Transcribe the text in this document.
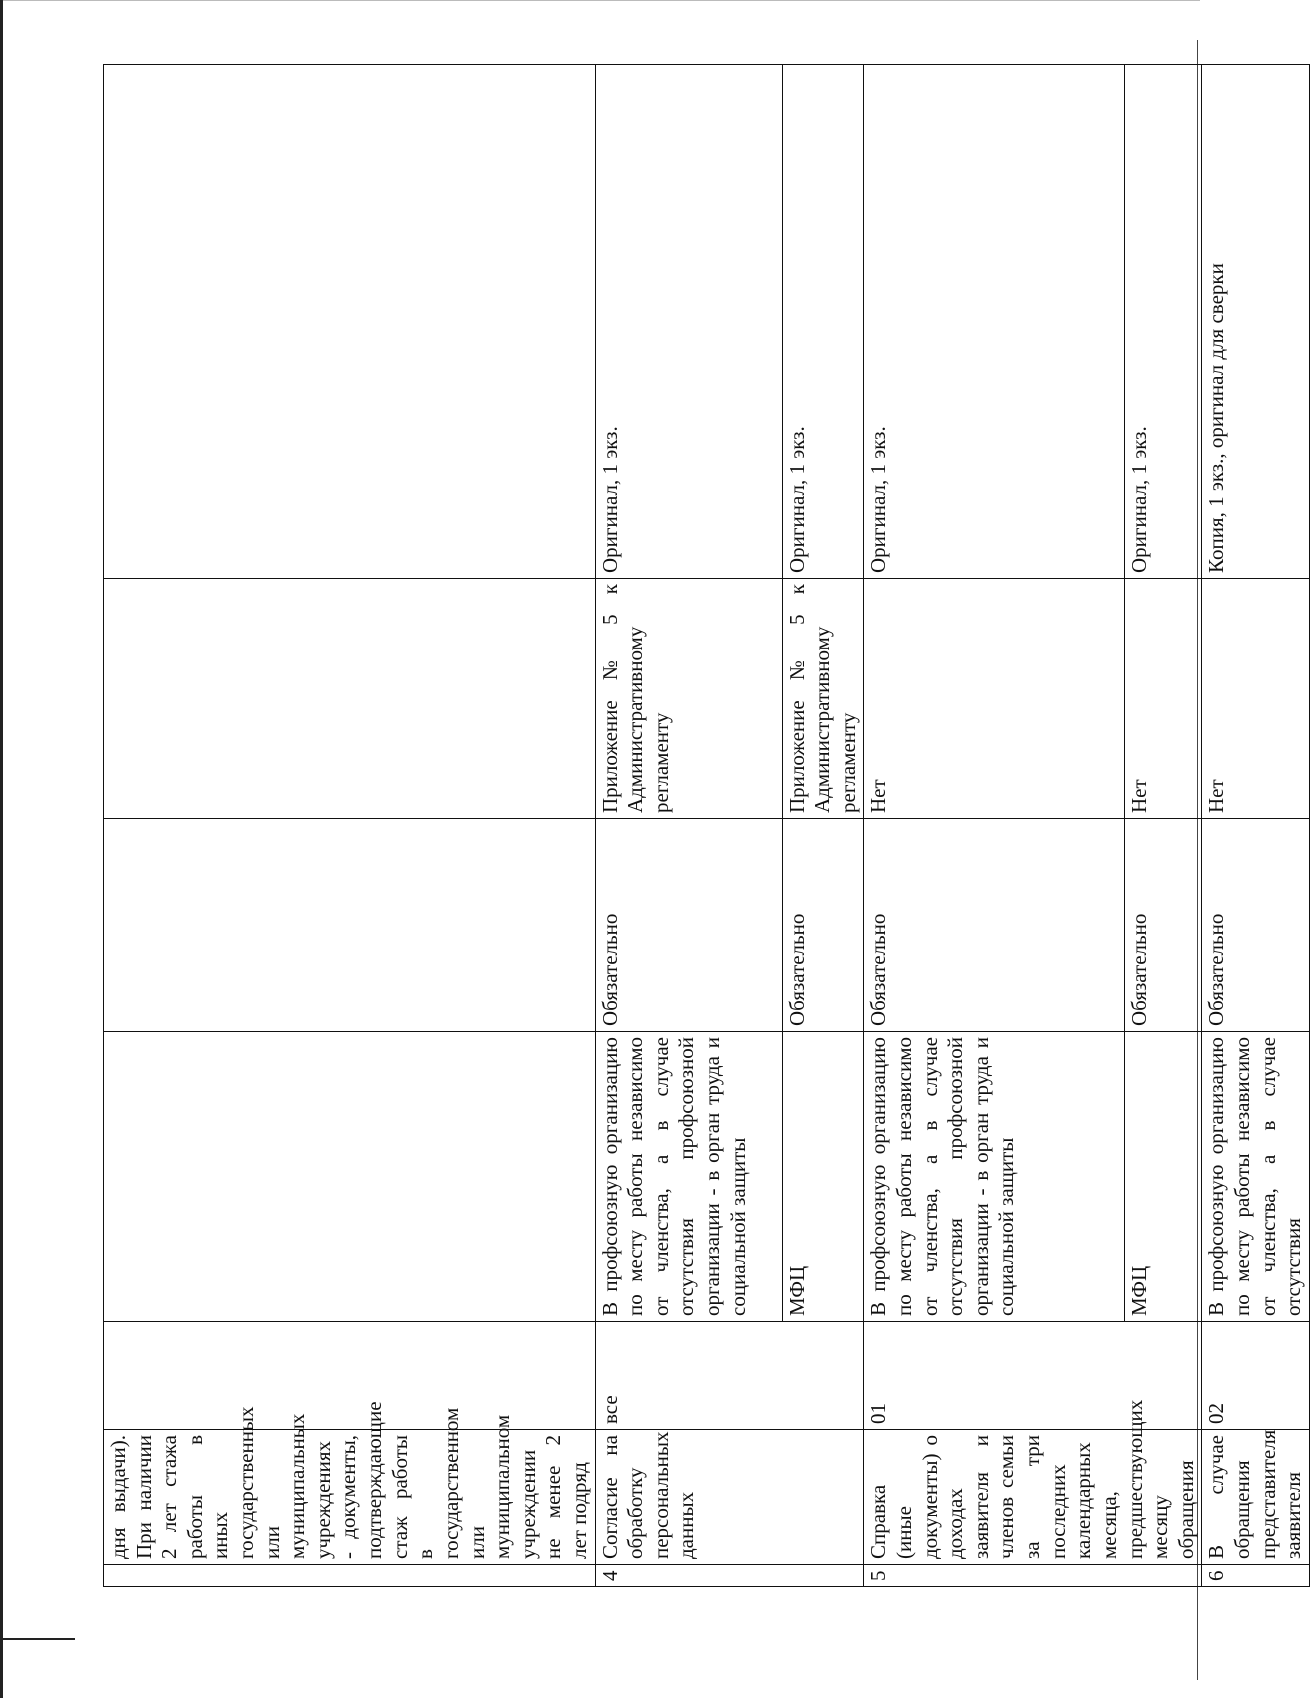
	дня выдачи). При наличии 2 лет стажа работы в иных государственных или муниципальных учреждениях - документы, подтверждающие стаж работы в государственном или муниципальном учреждении не менее 2 лет подряд					
4	Согласие на обработку персональных данных	все	В профсоюзную организацию по месту работы независимо от членства, а в случае отсутствия профсоюзной организации - в орган труда и социальной защиты	Обязательно	Приложение № 5 к Административному регламенту	Оригинал, 1 экз.
			МФЦ	Обязательно	Приложение № 5 к Административному регламенту	Оригинал, 1 экз.
5	Справка (иные документы) о доходах заявителя и членов семьи за три последних календарных месяца, предшествующих месяцу обращения	01	В профсоюзную организацию по месту работы независимо от членства, а в случае отсутствия профсоюзной организации - в орган труда и социальной защиты	Обязательно	Нет	Оригинал, 1 экз.
			МФЦ	Обязательно	Нет	Оригинал, 1 экз.
6	В случае обращения представителя заявителя	02	В профсоюзную организацию по месту работы независимо от членства, а в случае отсутствия	Обязательно	Нет	Копия, 1 экз., оригинал для сверки
